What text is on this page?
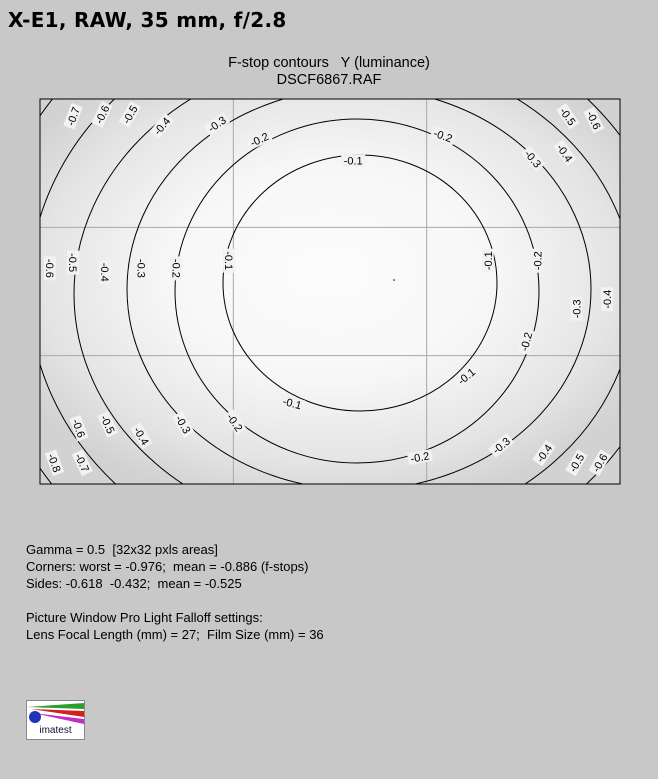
X-E1, RAW, 35 mm, f/2.8
F-stop contours   Y (luminance)
DSCF6867.RAF
-0.1
-0.1	-0.1
-0.1
-0.1
-0.2	-0.2
-0.2	-0.2
-0.2
-0.2
-0.2
-0.3
-0.3
-0.3
-0.3
-0.3
-0.3
-0.4
-0.4
-0.4
-0.4
-0.4
-0.4
-0.5	-0.5
-0.5
-0.5
-0.5
-0.6	-0.6
-0.6
-0.6
-0.6
-0.7
-0.7
-0.8
Gamma = 0.5  [32x32 pxls areas]
Corners: worst = -0.976;  mean = -0.886 (f-stops)
Sides: -0.618  -0.432;  mean = -0.525
Picture Window Pro Light Falloff settings:
Lens Focal Length (mm) = 27;  Film Size (mm) = 36
imatest
